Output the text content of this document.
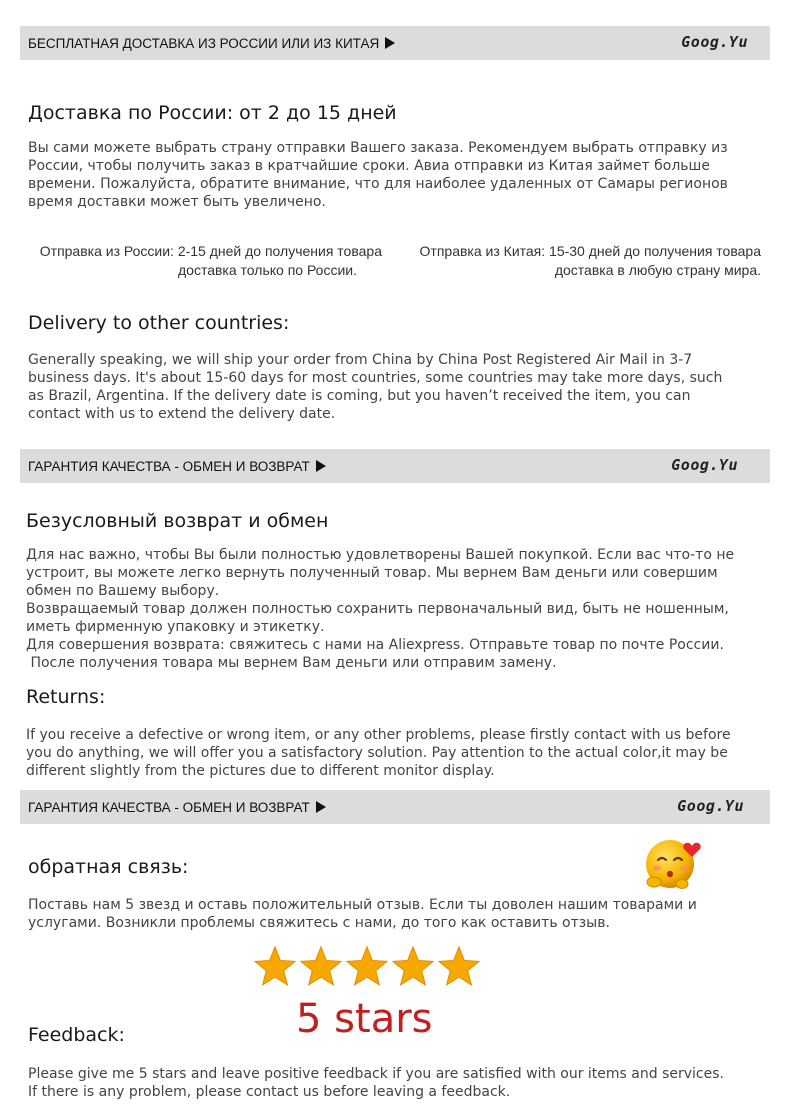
БЕСПЛАТНАЯ ДОСТАВКА ИЗ РОССИИ ИЛИ ИЗ КИТАЯ	Goog.Yu
Доставка по России: от 2 до 15 дней

Вы сами можете выбрать страну отправки Вашего заказа. Рекомендуем выбрать отправку из

России, чтобы получить заказ в кратчайшие сроки. Авиа отправки из Китая займет больше

времени. Пожалуйста, обратите внимание, что для наиболее удаленных от Самары регионов

время доставки может быть увеличено.

Отправка из России: 2-15 дней до получения товара
доставка только по России.
Отправка из Китая: 15-30 дней до получения товара
доставка в любую страну мира.
Delivery to other countries:

Generally speaking, we will ship your order from China by China Post Registered Air Mail in 3-7

business days. It's about 15-60 days for most countries, some countries may take more days, such

as Brazil, Argentina. If the delivery date is coming, but you haven’t received the item, you can

contact with us to extend the delivery date.

ГАРАНТИЯ КАЧЕСТВА - ОБМЕН И ВОЗВРАТ	Goog.Yu
Безусловный возврат и обмен

Для нас важно, чтобы Вы были полностью удовлетворены Вашей покупкой. Если вас что-то не

устроит, вы можете легко вернуть полученный товар. Мы вернем Вам деньги или совершим

обмен по Вашему выбору.

Возвращаемый товар должен полностью сохранить первоначальный вид, быть не ношенным,

иметь фирменную упаковку и этикетку.

Для совершения возврата: свяжитесь с нами на Aliexpress. Отправьте товар по почте России.

После получения товара мы вернем Вам деньги или отправим замену.

Returns:

If you receive a defective or wrong item, or any other problems, please firstly contact with us before

you do anything, we will offer you a satisfactory solution. Pay attention to the actual color,it may be

different slightly from the pictures due to different monitor display.

ГАРАНТИЯ КАЧЕСТВА - ОБМЕН И ВОЗВРАТ	Goog.Yu
обратная связь:

Поставь нам 5 звезд и оставь положительный отзыв. Если ты доволен нашим товарами и

услугами. Возникли проблемы свяжитесь с нами, до того как оставить отзыв.

5 stars
Feedback:

Please give me 5 stars and leave positive feedback if you are satisfied with our items and services.

If there is any problem, please contact us before leaving a feedback.
